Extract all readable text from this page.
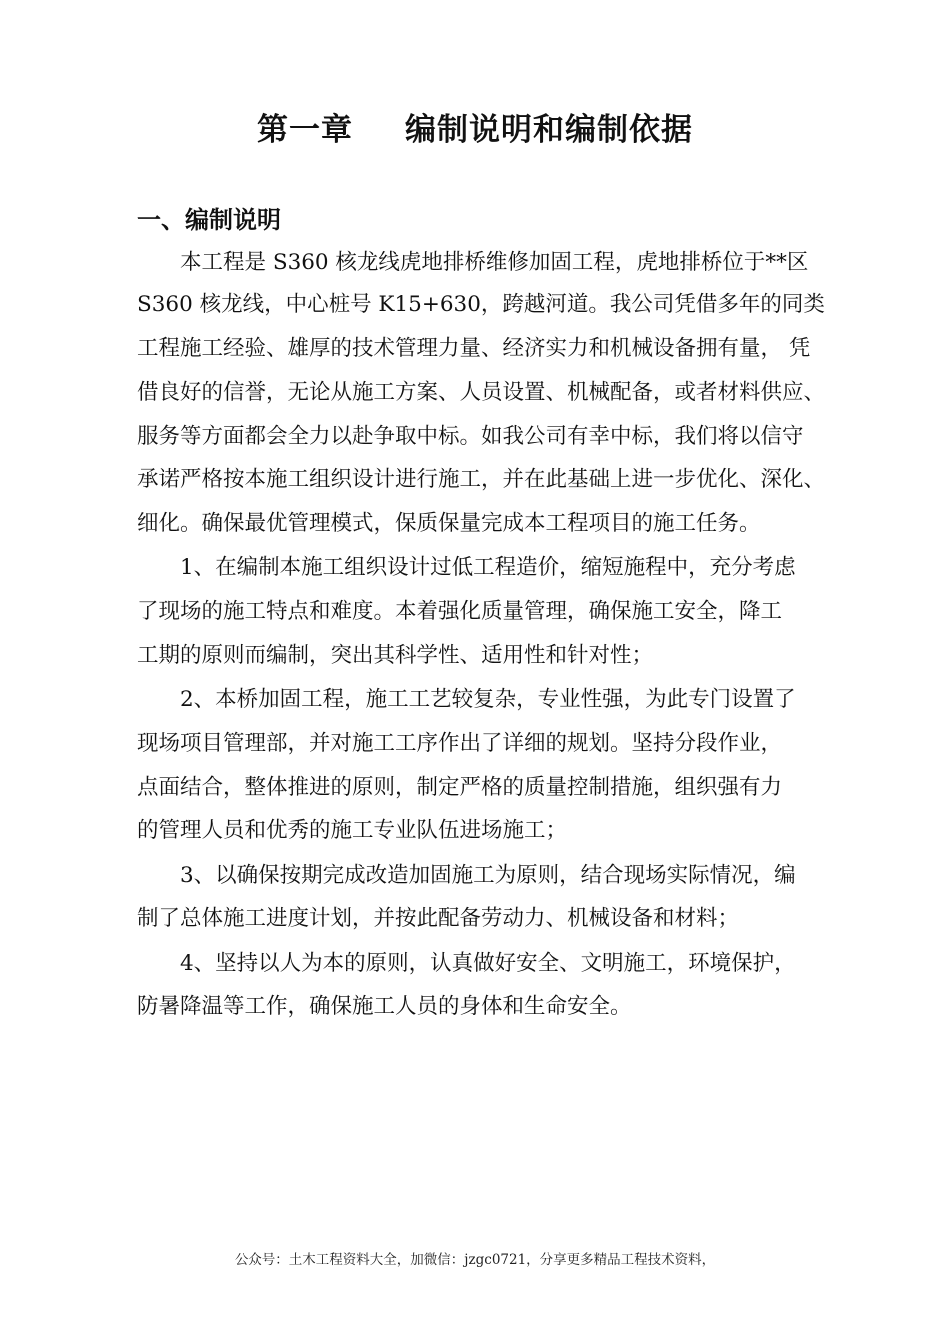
第一章 编制说明和编制依据
一、编制说明
本工程是 S360 核龙线虎地排桥维修加固工程，虎地排桥位于**区
S360 核龙线，中心桩号 K15+630，跨越河道。我公司凭借多年的同类
工程施工经验、雄厚的技术管理力量、经济实力和机械设备拥有量， 凭
借良好的信誉，无论从施工方案、人员设置、机械配备，或者材料供应、
服务等方面都会全力以赴争取中标。如我公司有幸中标，我们将以信守
承诺严格按本施工组织设计进行施工，并在此基础上进一步优化、深化、
细化。确保最优管理模式，保质保量完成本工程项目的施工任务。
1、在编制本施工组织设计过低工程造价，缩短施程中，充分考虑
了现场的施工特点和难度。本着强化质量管理，确保施工安全，降工
工期的原则而编制，突出其科学性、适用性和针对性；
2、本桥加固工程，施工工艺较复杂，专业性强，为此专门设置了
现场项目管理部，并对施工工序作出了详细的规划。坚持分段作业，
点面结合，整体推进的原则，制定严格的质量控制措施，组织强有力
的管理人员和优秀的施工专业队伍进场施工；
3、以确保按期完成改造加固施工为原则，结合现场实际情况，编
制了总体施工进度计划，并按此配备劳动力、机械设备和材料；
4、坚持以人为本的原则，认真做好安全、文明施工，环境保护，
防暑降温等工作，确保施工人员的身体和生命安全。
公众号：土木工程资料大全，加微信：jzgc0721，分享更多精品工程技术资料，
